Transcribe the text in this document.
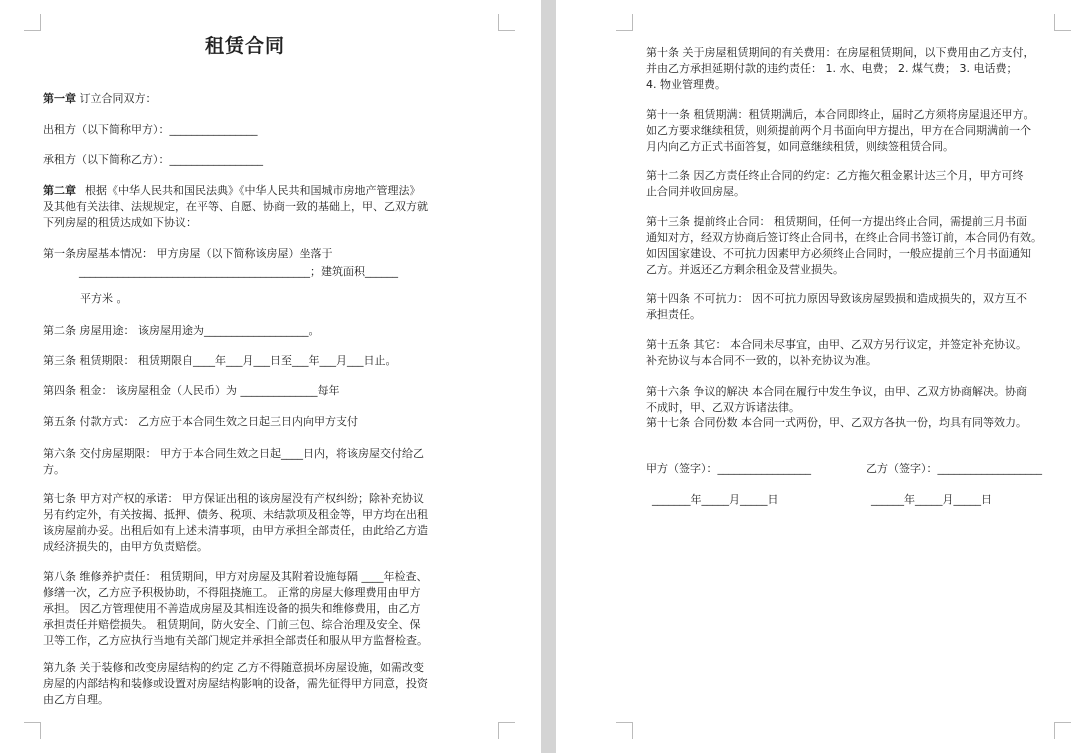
租赁合同
第一章 订立合同双方：
出租方（以下简称甲方）：________________
承租方（以下简称乙方）：_________________
第二章 根据《中华人民共和国民法典》《中华人民共和国城市房地产管理法》
及其他有关法律、法规规定，在平等、自愿、协商一致的基础上，甲、乙双方就
下列房屋的租赁达成如下协议：
第一条房屋基本情况： 甲方房屋（以下简称该房屋）坐落于
__________________________________________；建筑面积______
平方米 。
第二条 房屋用途： 该房屋用途为___________________。
第三条 租赁期限： 租赁期限自____年___月___日至___年___月___日止。
第四条 租金： 该房屋租金（人民币）为 ______________每年
第五条 付款方式： 乙方应于本合同生效之日起三日内向甲方支付
第六条 交付房屋期限： 甲方于本合同生效之日起____日内，将该房屋交付给乙
方。
第七条 甲方对产权的承诺： 甲方保证出租的该房屋没有产权纠纷；除补充协议
另有约定外，有关按揭、抵押、债务、税项、未结款项及租金等，甲方均在出租
该房屋前办妥。出租后如有上述未清事项，由甲方承担全部责任，由此给乙方造
成经济损失的，由甲方负责赔偿。
第八条 维修养护责任： 租赁期间，甲方对房屋及其附着设施每隔 ____年检查、
修缮一次，乙方应予积极协助，不得阻挠施工。 正常的房屋大修理费用由甲方
承担。 因乙方管理使用不善造成房屋及其相连设备的损失和维修费用，由乙方
承担责任并赔偿损失。 租赁期间，防火安全、门前三包、综合治理及安全、保
卫等工作，乙方应执行当地有关部门规定并承担全部责任和服从甲方监督检查。
第九条 关于装修和改变房屋结构的约定 乙方不得随意损坏房屋设施，如需改变
房屋的内部结构和装修或设置对房屋结构影响的设备，需先征得甲方同意，投资
由乙方自理。
第十条 关于房屋租赁期间的有关费用：在房屋租赁期间，以下费用由乙方支付，
并由乙方承担延期付款的违约责任： 1. 水、电费； 2. 煤气费； 3. 电话费；
4. 物业管理费。
第十一条 租赁期满：租赁期满后，本合同即终止，届时乙方须将房屋退还甲方。
如乙方要求继续租赁，则须提前两个月书面向甲方提出，甲方在合同期满前一个
月内向乙方正式书面答复，如同意继续租赁，则续签租赁合同。
第十二条 因乙方责任终止合同的约定：乙方拖欠租金累计达三个月，甲方可终
止合同并收回房屋。
第十三条 提前终止合同： 租赁期间，任何一方提出终止合同，需提前三月书面
通知对方，经双方协商后签订终止合同书，在终止合同书签订前，本合同仍有效。
如因国家建设、不可抗力因素甲方必须终止合同时，一般应提前三个月书面通知
乙方。并返还乙方剩余租金及营业损失。
第十四条 不可抗力： 因不可抗力原因导致该房屋毁损和造成损失的，双方互不
承担责任。
第十五条 其它： 本合同未尽事宜，由甲、乙双方另行议定，并签定补充协议。
补充协议与本合同不一致的，以补充协议为准。
第十六条 争议的解决 本合同在履行中发生争议，由甲、乙双方协商解决。协商
不成时，甲、乙双方诉诸法律。
第十七条 合同份数 本合同一式两份，甲、乙双方各执一份，均具有同等效力。
甲方（签字）：_________________	乙方（签字）：___________________
_______年_____月_____日	______年_____月_____日
